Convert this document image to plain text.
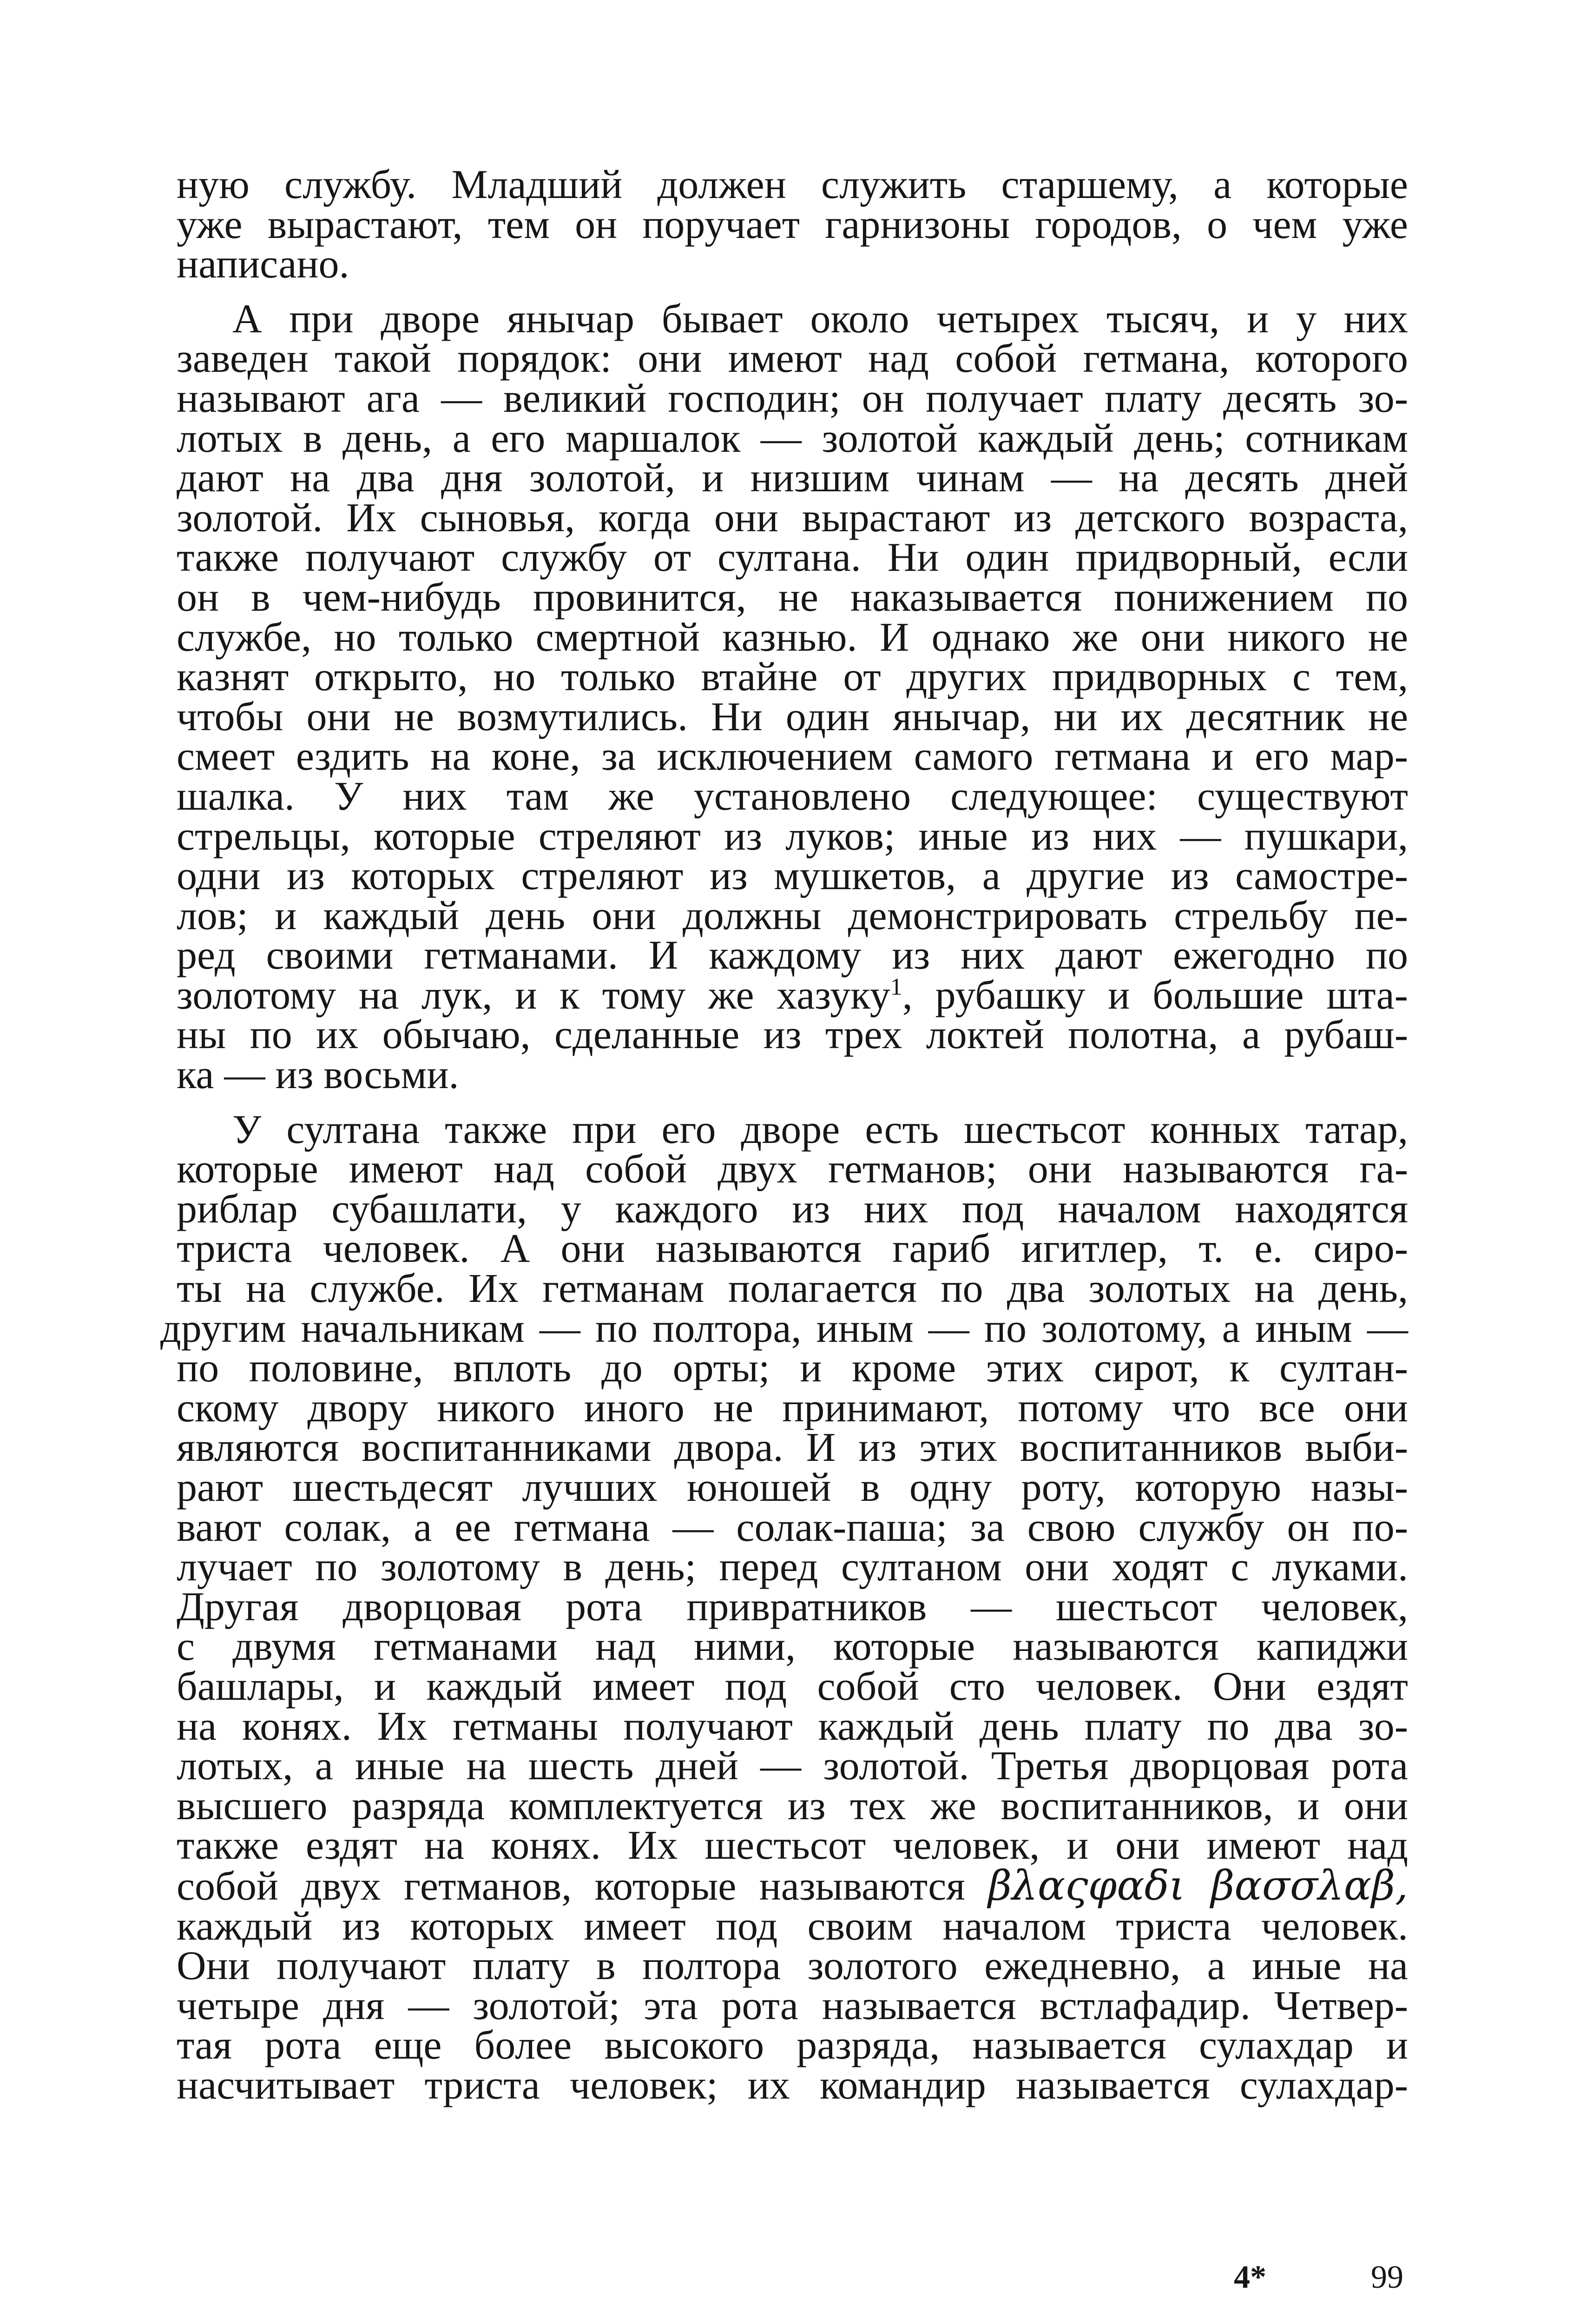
ную службу. Младший должен служить старшему, а которые
уже вырастают, тем он поручает гарнизоны городов, о чем уже
написано.

А при дворе янычар бывает около четырех тысяч, и у них
заведен такой порядок: они имеют над собой гетмана, которого
называют ага — великий господин; он получает плату десять зо-
лотых в день, а его маршалок — золотой каждый день; сотникам
дают на два дня золотой, и низшим чинам — на десять дней
золотой. Их сыновья, когда они вырастают из детского возраста,
также получают службу от султана. Ни один придворный, если
он в чем-нибудь провинится, не наказывается понижением по
службе, но только смертной казнью. И однако же они никого не
казнят открыто, но только втайне от других придворных с тем,
чтобы они не возмутились. Ни один янычар, ни их десятник не
смеет ездить на коне, за исключением самого гетмана и его мар-
шалка. У них там же установлено следующее: существуют
стрельцы, которые стреляют из луков; иные из них — пушкари,
одни из которых стреляют из мушкетов, а другие из самостре-
лов; и каждый день они должны демонстрировать стрельбу пе-
ред своими гетманами. И каждому из них дают ежегодно по
золотому на лук, и к тому же хазуку$^1$, рубашку и большие шта-
ны по их обычаю, сделанные из трех локтей полотна, а рубаш-
ка — из восьми.

У султана также при его дворе есть шестьсот конных татар,
которые имеют над собой двух гетманов; они называются га-
риблар субашлати, у каждого из них под началом находятся
триста человек. А они называются гариб игитлер, т. е. сиро-
ты на службе. Их гетманам полагается по два золотых на день,
другим начальникам — по полтора, иным — по золотому, а иным —
по половине, вплоть до орты; и кроме этих сирот, к султан-
скому двору никого иного не принимают, потому что все они
являются воспитанниками двора. И из этих воспитанников выби-
рают шестьдесят лучших юношей в одну роту, которую назы-
вают солак, а ее гетмана — солак-паша; за свою службу он по-
лучает по золотому в день; перед султаном они ходят с луками.
Другая дворцовая рота привратников — шестьсот человек,
с двумя гетманами над ними, которые называются капиджи
башлары, и каждый имеет под собой сто человек. Они ездят
на конях. Их гетманы получают каждый день плату по два зо-
лотых, а иные на шесть дней — золотой. Третья дворцовая рота
высшего разряда комплектуется из тех же воспитанников, и они
также ездят на конях. Их шестьсот человек, и они имеют над
собой двух гетманов, которые называются βλαςφαδι βασσλαβ,
каждый из которых имеет под своим началом триста человек.
Они получают плату в полтора золотого ежедневно, а иные на
четыре дня — золотой; эта рота называется встлафадир. Четвер-
тая рота еще более высокого разряда, называется сулахдар и
насчитывает триста человек; их командир называется сулахдар-

4*	99
